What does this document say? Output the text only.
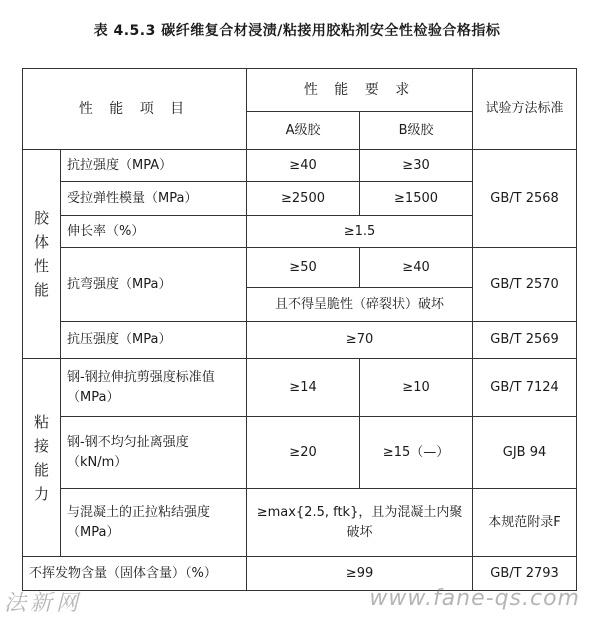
表 4.5.3 碳纤维复合材浸渍/粘接用胶粘剂安全性检验合格指标
性 能 项 目		性 能 要 求		试验方法标准
		A级胶	B级胶	

胶
体
性
能	抗拉强度（MPA）	≥40	≥30	GB/T 2568
	受拉弹性模量（MPa）	≥2500	≥1500	
	伸长率（%）	≥1.5		
	抗弯强度（MPa）	≥50	≥40	GB/T 2570
		且不得呈脆性（碎裂状）破坏		
	抗压强度（MPa）	≥70		GB/T 2569

粘
接
能
力	钢-钢拉伸抗剪强度标准值（MPa）	≥14	≥10	GB/T 7124
	钢-钢不均匀扯离强度（kN/m）	≥20	≥15（—）	GJB 94
	与混凝土的正拉粘结强度（MPa）	≥max{2.5, ftk}，且为混凝土内聚破坏		本规范附录F
不挥发物含量（固体含量）（%）		≥99		GB/T 2793
法新网	www.fane-qs.com
